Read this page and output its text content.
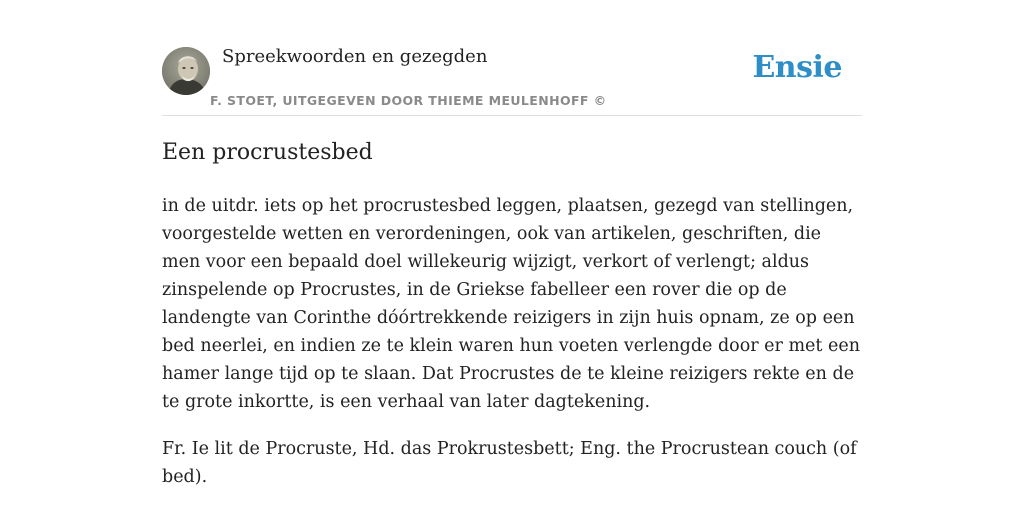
Spreekwoorden en gezegden
F. STOET, UITGEGEVEN DOOR THIEME MEULENHOFF ©
Ensie
Een procrustesbed

in de uitdr. iets op het procrustesbed leggen, plaatsen, gezegd van stellingen, voorgestelde wetten en verordeningen, ook van artikelen, geschriften, die men voor een bepaald doel willekeurig wijzigt, verkort of verlengt; aldus zinspelende op Procrustes, in de Griekse fabelleer een rover die op de landengte van Corinthe dóórtrekkende reizigers in zijn huis opnam, ze op een bed neerlei, en indien ze te klein waren hun voeten verlengde door er met een hamer lange tijd op te slaan. Dat Procrustes de te kleine reizigers rekte en de te grote inkortte, is een verhaal van later dagtekening.

Fr. Ie lit de Procruste, Hd. das Prokrustesbett; Eng. the Procrustean couch (of bed).
